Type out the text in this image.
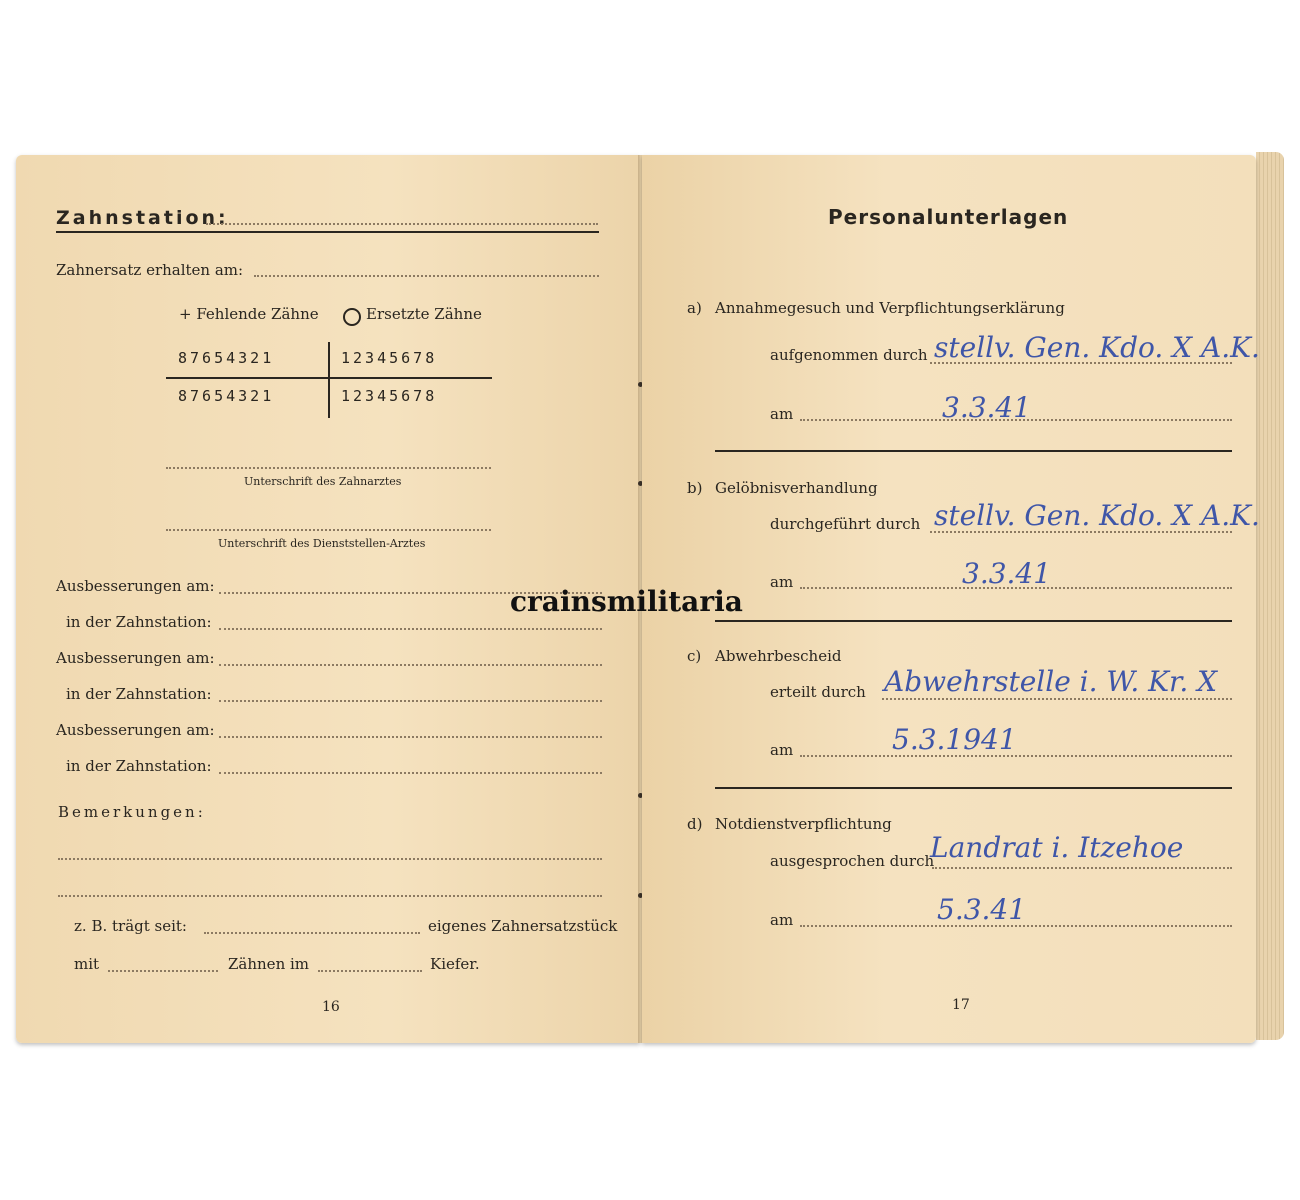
Zahnstation:
Zahnersatz erhalten am:
+ Fehlende Zähne	Ersetzte Zähne
87654321	12345678
87654321	12345678
Unterschrift des Zahnarztes
Unterschrift des Dienststellen-Arztes
Ausbesserungen am:
in der Zahnstation:
Ausbesserungen am:
in der Zahnstation:
Ausbesserungen am:
in der Zahnstation:
Bemerkungen:
z. B. trägt seit:	eigenes Zahnersatzstück
mit	Zähnen im	Kiefer.
16
Personalunterlagen
a) Annahmegesuch und Verpflichtungserklärung
aufgenommen durch stellv. Gen. Kdo. X A.K.
am	3.3.41
b) Gelöbnisverhandlung
durchgeführt durch stellv. Gen. Kdo. X A.K.
am	3.3.41
c) Abwehrbescheid
erteilt durch Abwehrstelle i. W. Kr. X
am	5.3.1941
d) Notdienstverpflichtung
ausgesprochen durch
Landrat i. Itzehoe
am	5.3.41
17
crainsmilitaria
